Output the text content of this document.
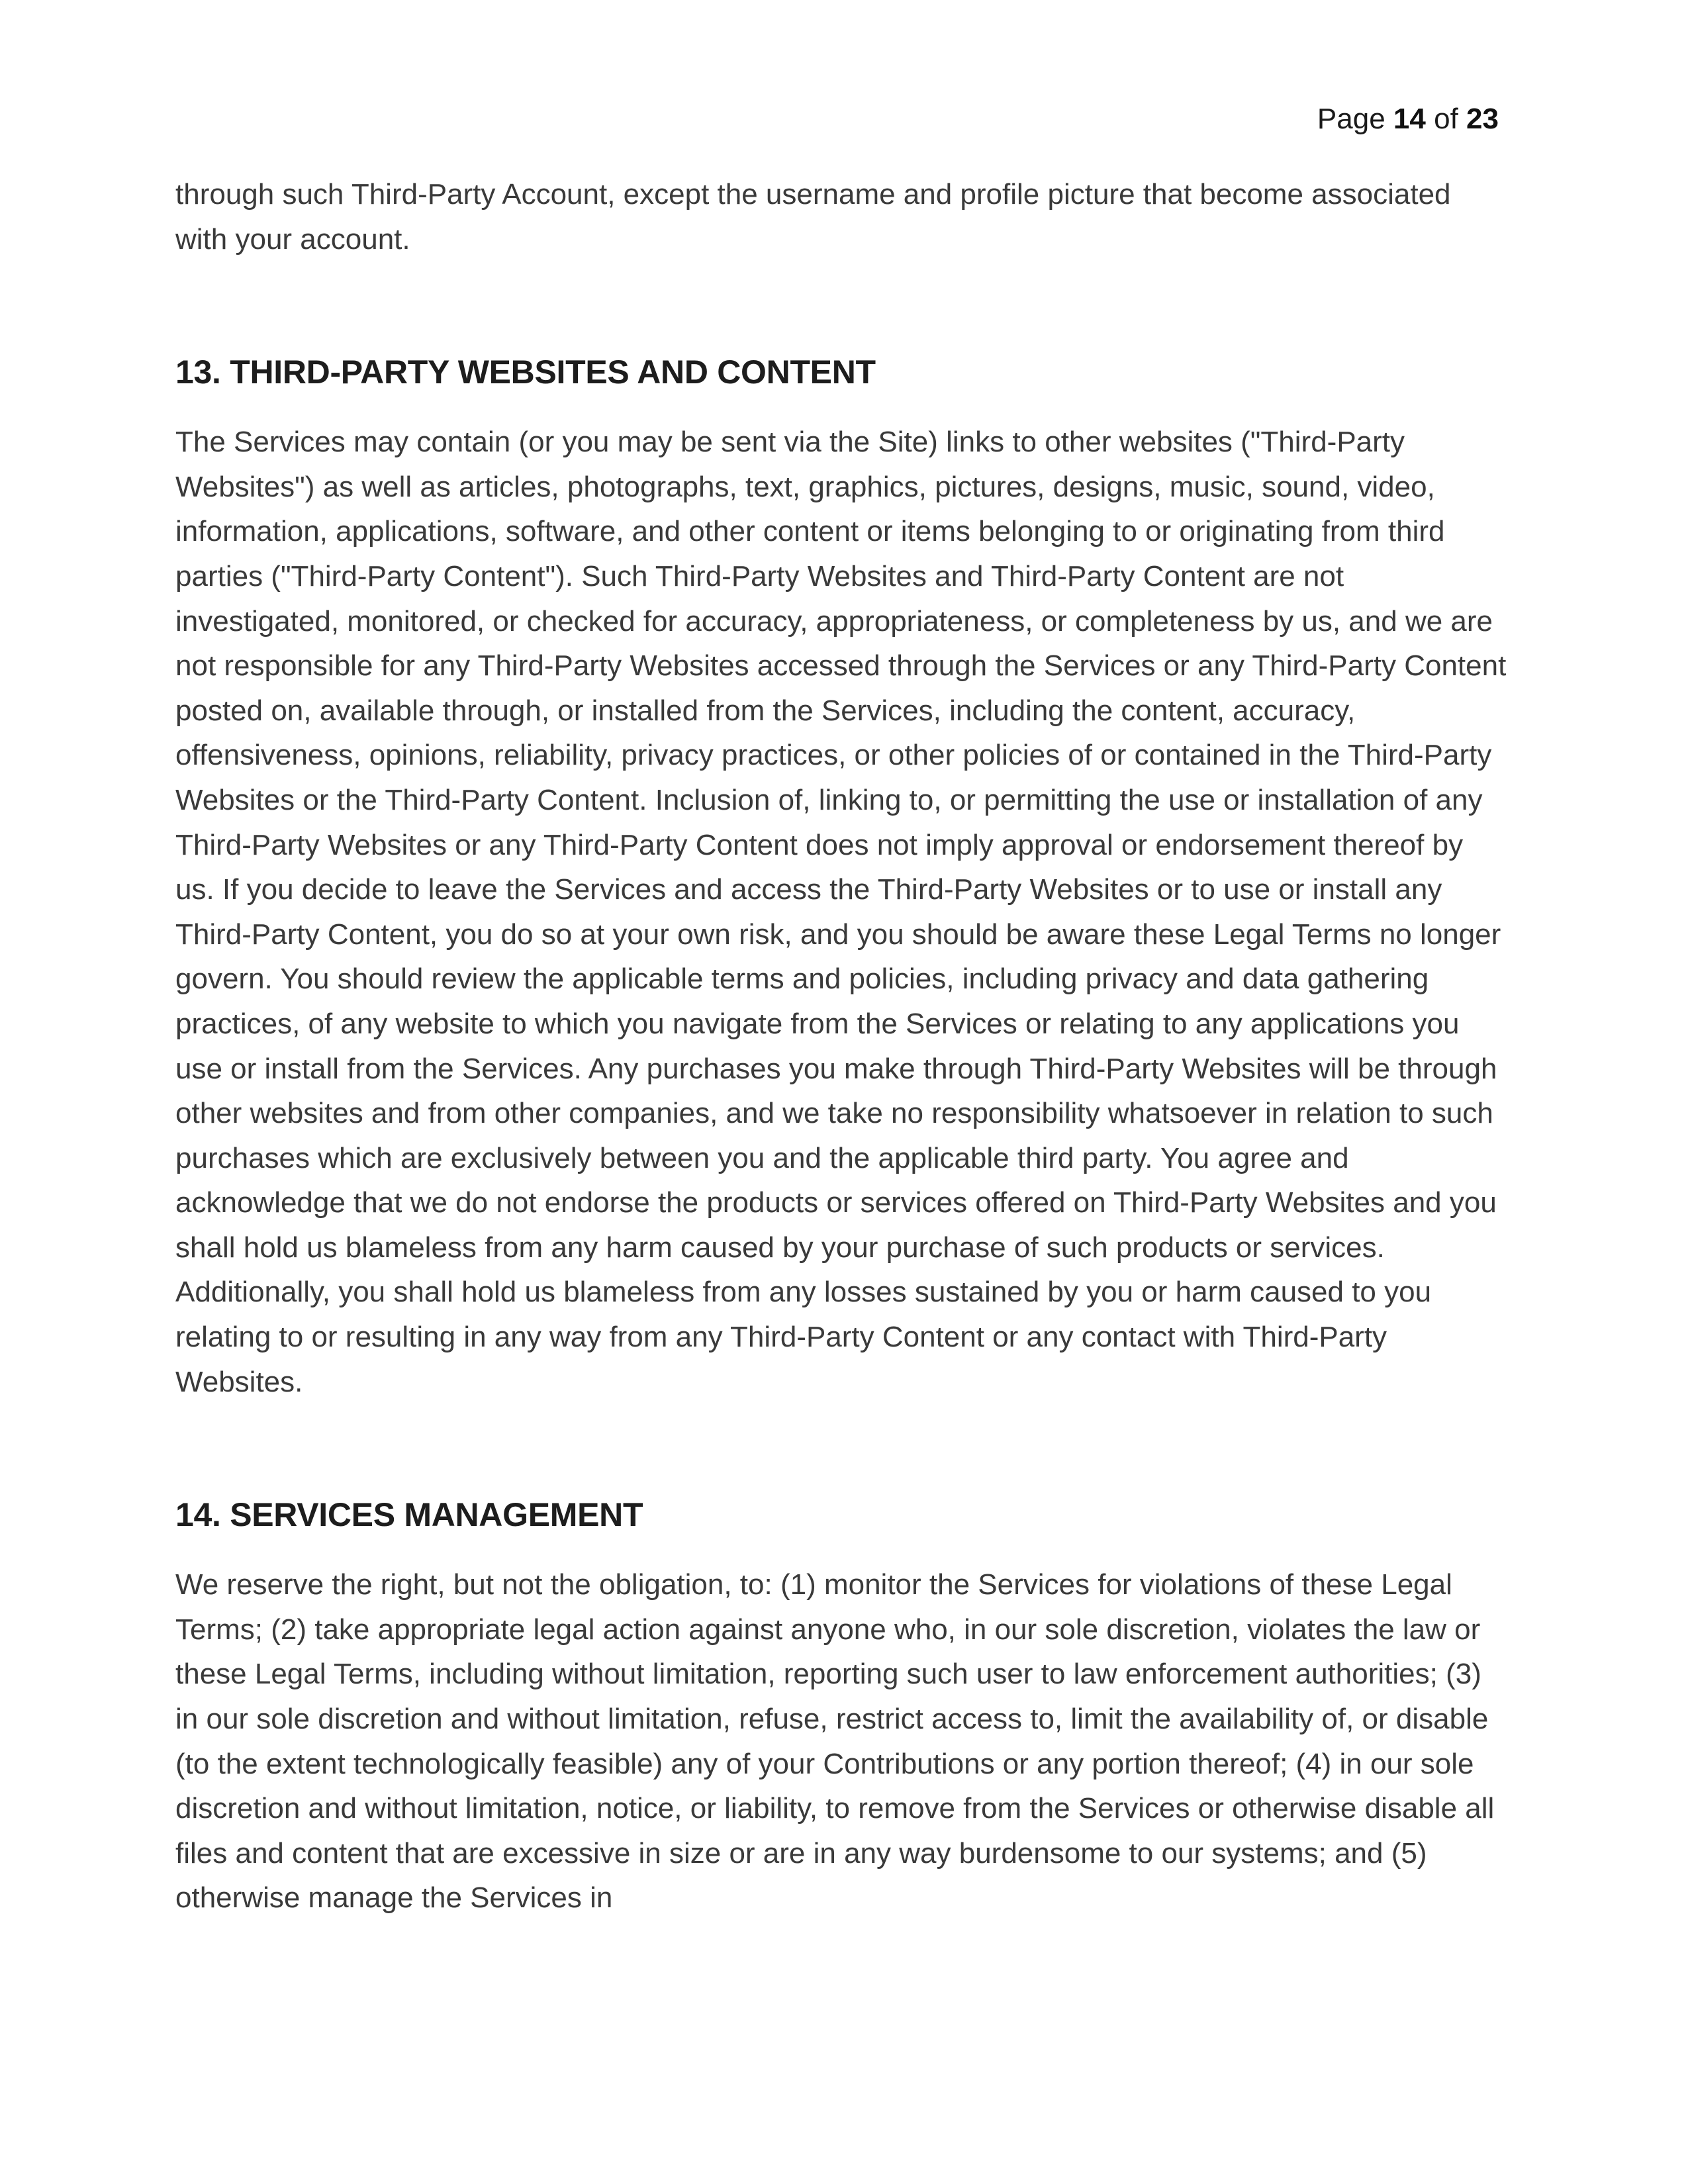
Page 14 of 23

through such Third-Party Account, except the username and profile picture that become associated with your account.

13. THIRD-PARTY WEBSITES AND CONTENT

The Services may contain (or you may be sent via the Site) links to other websites ("Third-Party Websites") as well as articles, photographs, text, graphics, pictures, designs, music, sound, video, information, applications, software, and other content or items belonging to or originating from third parties ("Third-Party Content"). Such Third-Party Websites and Third-Party Content are not investigated, monitored, or checked for accuracy, appropriateness, or completeness by us, and we are not responsible for any Third-Party Websites accessed through the Services or any Third-Party Content posted on, available through, or installed from the Services, including the content, accuracy, offensiveness, opinions, reliability, privacy practices, or other policies of or contained in the Third-Party Websites or the Third-Party Content. Inclusion of, linking to, or permitting the use or installation of any Third-Party Websites or any Third-Party Content does not imply approval or endorsement thereof by us. If you decide to leave the Services and access the Third-Party Websites or to use or install any Third-Party Content, you do so at your own risk, and you should be aware these Legal Terms no longer govern. You should review the applicable terms and policies, including privacy and data gathering practices, of any website to which you navigate from the Services or relating to any applications you use or install from the Services. Any purchases you make through Third-Party Websites will be through other websites and from other companies, and we take no responsibility whatsoever in relation to such purchases which are exclusively between you and the applicable third party. You agree and acknowledge that we do not endorse the products or services offered on Third-Party Websites and you shall hold us blameless from any harm caused by your purchase of such products or services. Additionally, you shall hold us blameless from any losses sustained by you or harm caused to you relating to or resulting in any way from any Third-Party Content or any contact with Third-Party Websites.

14. SERVICES MANAGEMENT

We reserve the right, but not the obligation, to: (1) monitor the Services for violations of these Legal Terms; (2) take appropriate legal action against anyone who, in our sole discretion, violates the law or these Legal Terms, including without limitation, reporting such user to law enforcement authorities; (3) in our sole discretion and without limitation, refuse, restrict access to, limit the availability of, or disable (to the extent technologically feasible) any of your Contributions or any portion thereof; (4) in our sole discretion and without limitation, notice, or liability, to remove from the Services or otherwise disable all files and content that are excessive in size or are in any way burdensome to our systems; and (5) otherwise manage the Services in
